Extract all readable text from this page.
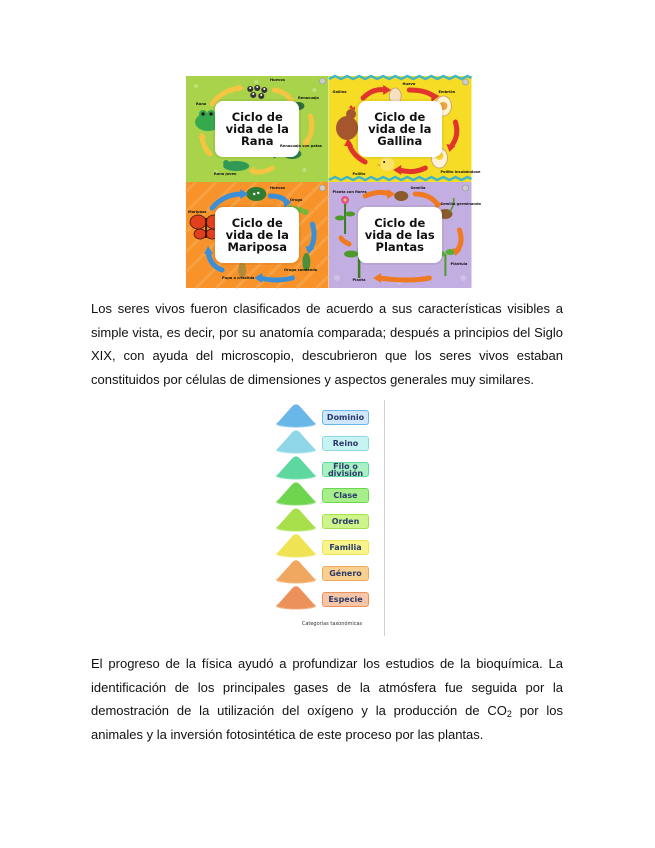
Ciclo de
vida de la
Rana
Huevos
Renacuajo
Renacuajo con patas
Rana joven
Rana
Ciclo de
vida de la
Gallina
Huevo
Embrión
Pollito	Pollito incubándose
Gallina
Ciclo de
vida de la
Mariposa
Huevos
Oruga
Oruga comiendo
Pupa o crisálida
Mariposa
Ciclo de
vida de las
Plantas
Semilla
Semilla germinando
Plántula
Planta
Planta con flores

Los seres vivos fueron clasificados de acuerdo a sus características visibles a simple vista, es decir, por su anatomía comparada; después a principios del Siglo XIX, con ayuda del microscopio, descubrieron que los seres vivos estaban constituidos por células de dimensiones y aspectos generales muy similares.

Dominio
Reino
Filo o división
Clase
Orden
Familia
Género
Especie
Categorías taxonómicas

El progreso de la física ayudó a profundizar los estudios de la bioquímica. La identificación de los principales gases de la atmósfera fue seguida por la demostración de la utilización del oxígeno y la producción de $CO_2$ por los animales y la inversión fotosintética de este proceso por las plantas.
